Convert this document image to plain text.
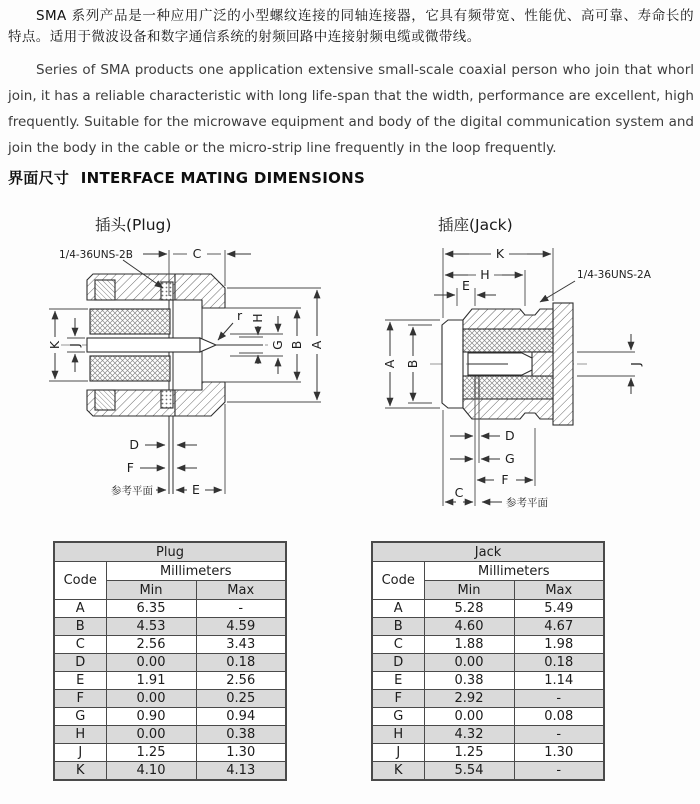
SMA 系列产品是一种应用广泛的小型螺纹连接的同轴连接器，它具有频带宽、性能优、高可靠、寿命长的特点。适用于微波设备和数字通信系统的射频回路中连接射频电缆或微带线。

Series of SMA products one application extensive small-scale coaxial person who join that whorl join, it has a reliable characteristic with long life-span that the width, performance are excellent, high frequently. Suitable for the microwave equipment and body of the digital communication system and join the body in the cable or the micro-strip line frequently in the loop frequently.

界面尺寸 INTERFACE MATING DIMENSIONS
插头(Plug)	插座(Jack)
1/4-36UNS-2B	C
K J
H
G B A
r
D
F
参考平面	E
1/4-36UNS-2A
K
H
E
A B	J
D
G
F
C
参考平面
Plug		
Code	Millimeters	
	Min	Max
A	6.35	-
B	4.53	4.59
C	2.56	3.43
D	0.00	0.18
E	1.91	2.56
F	0.00	0.25
G	0.90	0.94
H	0.00	0.38
J	1.25	1.30
K	4.10	4.13
Jack		
Code	Millimeters	
	Min	Max
A	5.28	5.49
B	4.60	4.67
C	1.88	1.98
D	0.00	0.18
E	0.38	1.14
F	2.92	-
G	0.00	0.08
H	4.32	-
J	1.25	1.30
K	5.54	-
